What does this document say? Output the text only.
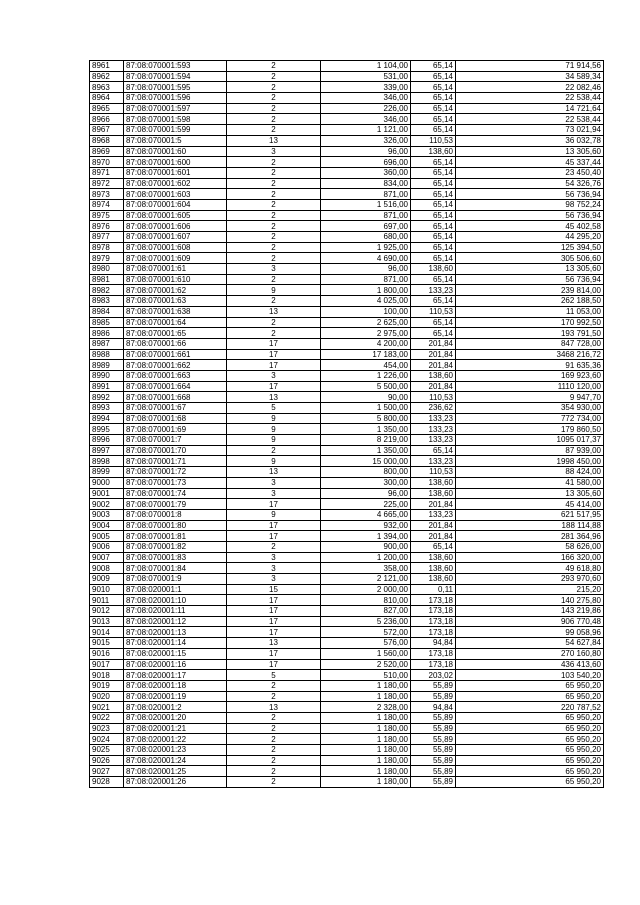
8961	87:08:070001:593	2	1 104,00	65,14	71 914,56
8962	87:08:070001:594	2	531,00	65,14	34 589,34
8963	87:08:070001:595	2	339,00	65,14	22 082,46
8964	87:08:070001:596	2	346,00	65,14	22 538,44
8965	87:08:070001:597	2	226,00	65,14	14 721,64
8966	87:08:070001:598	2	346,00	65,14	22 538,44
8967	87:08:070001:599	2	1 121,00	65,14	73 021,94
8968	87:08:070001:5	13	326,00	110,53	36 032,78
8969	87:08:070001:60	3	96,00	138,60	13 305,60
8970	87:08:070001:600	2	696,00	65,14	45 337,44
8971	87:08:070001:601	2	360,00	65,14	23 450,40
8972	87:08:070001:602	2	834,00	65,14	54 326,76
8973	87:08:070001:603	2	871,00	65,14	56 736,94
8974	87:08:070001:604	2	1 516,00	65,14	98 752,24
8975	87:08:070001:605	2	871,00	65,14	56 736,94
8976	87:08:070001:606	2	697,00	65,14	45 402,58
8977	87:08:070001:607	2	680,00	65,14	44 295,20
8978	87:08:070001:608	2	1 925,00	65,14	125 394,50
8979	87:08:070001:609	2	4 690,00	65,14	305 506,60
8980	87:08:070001:61	3	96,00	138,60	13 305,60
8981	87:08:070001:610	2	871,00	65,14	56 736,94
8982	87:08:070001:62	9	1 800,00	133,23	239 814,00
8983	87:08:070001:63	2	4 025,00	65,14	262 188,50
8984	87:08:070001:638	13	100,00	110,53	11 053,00
8985	87:08:070001:64	2	2 625,00	65,14	170 992,50
8986	87:08:070001:65	2	2 975,00	65,14	193 791,50
8987	87:08:070001:66	17	4 200,00	201,84	847 728,00
8988	87:08:070001:661	17	17 183,00	201,84	3468 216,72
8989	87:08:070001:662	17	454,00	201,84	91 635,36
8990	87:08:070001:663	3	1 226,00	138,60	169 923,60
8991	87:08:070001:664	17	5 500,00	201,84	1110 120,00
8992	87:08:070001:668	13	90,00	110,53	9 947,70
8993	87:08:070001:67	5	1 500,00	236,62	354 930,00
8994	87:08:070001:68	9	5 800,00	133,23	772 734,00
8995	87:08:070001:69	9	1 350,00	133,23	179 860,50
8996	87:08:070001:7	9	8 219,00	133,23	1095 017,37
8997	87:08:070001:70	2	1 350,00	65,14	87 939,00
8998	87:08:070001:71	9	15 000,00	133,23	1998 450,00
8999	87:08:070001:72	13	800,00	110,53	88 424,00
9000	87:08:070001:73	3	300,00	138,60	41 580,00
9001	87:08:070001:74	3	96,00	138,60	13 305,60
9002	87:08:070001:79	17	225,00	201,84	45 414,00
9003	87:08:070001:8	9	4 665,00	133,23	621 517,95
9004	87:08:070001:80	17	932,00	201,84	188 114,88
9005	87:08:070001:81	17	1 394,00	201,84	281 364,96
9006	87:08:070001:82	2	900,00	65,14	58 626,00
9007	87:08:070001:83	3	1 200,00	138,60	166 320,00
9008	87:08:070001:84	3	358,00	138,60	49 618,80
9009	87:08:070001:9	3	2 121,00	138,60	293 970,60
9010	87:08:020001:1	15	2 000,00	0,11	215,20
9011	87:08:020001:10	17	810,00	173,18	140 275,80
9012	87:08:020001:11	17	827,00	173,18	143 219,86
9013	87:08:020001:12	17	5 236,00	173,18	906 770,48
9014	87:08:020001:13	17	572,00	173,18	99 058,96
9015	87:08:020001:14	13	576,00	94,84	54 627,84
9016	87:08:020001:15	17	1 560,00	173,18	270 160,80
9017	87:08:020001:16	17	2 520,00	173,18	436 413,60
9018	87:08:020001:17	5	510,00	203,02	103 540,20
9019	87:08:020001:18	2	1 180,00	55,89	65 950,20
9020	87:08:020001:19	2	1 180,00	55,89	65 950,20
9021	87:08:020001:2	13	2 328,00	94,84	220 787,52
9022	87:08:020001:20	2	1 180,00	55,89	65 950,20
9023	87:08:020001:21	2	1 180,00	55,89	65 950,20
9024	87:08:020001:22	2	1 180,00	55,89	65 950,20
9025	87:08:020001:23	2	1 180,00	55,89	65 950,20
9026	87:08:020001:24	2	1 180,00	55,89	65 950,20
9027	87:08:020001:25	2	1 180,00	55,89	65 950,20
9028	87:08:020001:26	2	1 180,00	55,89	65 950,20
